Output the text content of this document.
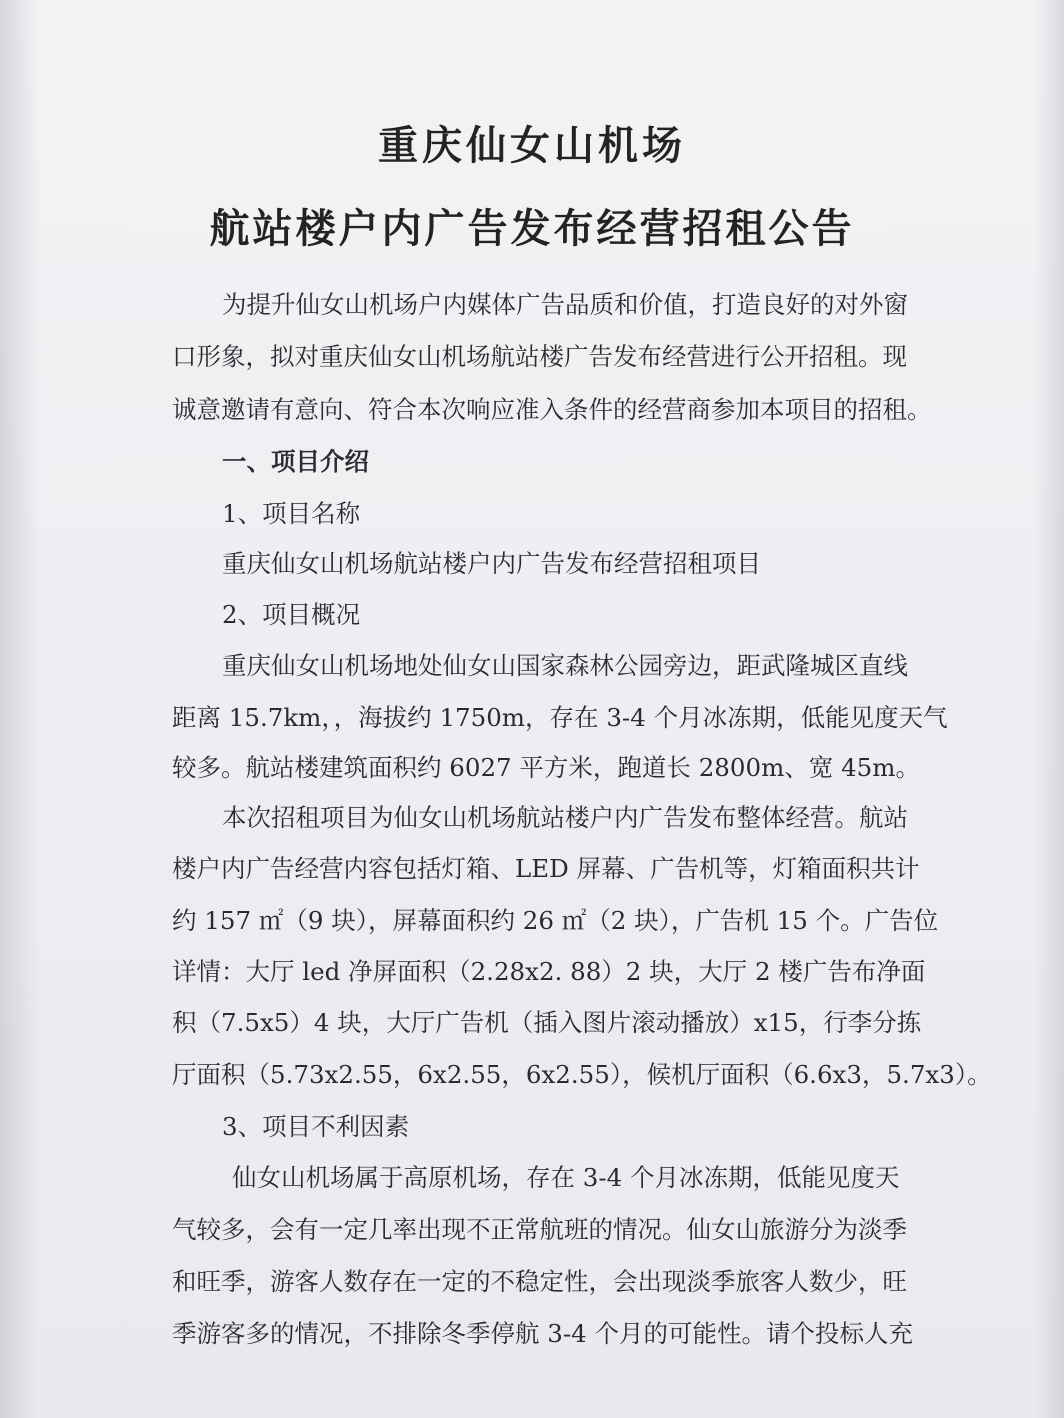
重庆仙女山机场
航站楼户内广告发布经营招租公告
为提升仙女山机场户内媒体广告品质和价值，打造良好的对外窗
口形象，拟对重庆仙女山机场航站楼广告发布经营进行公开招租。现
诚意邀请有意向、符合本次响应准入条件的经营商参加本项目的招租。
一、项目介绍
1、项目名称
重庆仙女山机场航站楼户内广告发布经营招租项目
2、项目概况
重庆仙女山机场地处仙女山国家森林公园旁边，距武隆城区直线
距离 15.7km，，海拔约 1750m，存在 3-4 个月冰冻期，低能见度天气
较多。航站楼建筑面积约 6027 平方米，跑道长 2800m、宽 45m。
本次招租项目为仙女山机场航站楼户内广告发布整体经营。航站
楼户内广告经营内容包括灯箱、LED 屏幕、广告机等，灯箱面积共计
约 157 ㎡（9 块），屏幕面积约 26 ㎡（2 块），广告机 15 个。广告位
详情：大厅 led 净屏面积（2.28x2. 88）2 块，大厅 2 楼广告布净面
积（7.5x5）4 块，大厅广告机（插入图片滚动播放）x15，行李分拣
厅面积（5.73x2.55，6x2.55，6x2.55），候机厅面积（6.6x3，5.7x3）。
3、项目不利因素
仙女山机场属于高原机场，存在 3-4 个月冰冻期，低能见度天
气较多，会有一定几率出现不正常航班的情况。仙女山旅游分为淡季
和旺季，游客人数存在一定的不稳定性，会出现淡季旅客人数少，旺
季游客多的情况，不排除冬季停航 3-4 个月的可能性。请个投标人充
